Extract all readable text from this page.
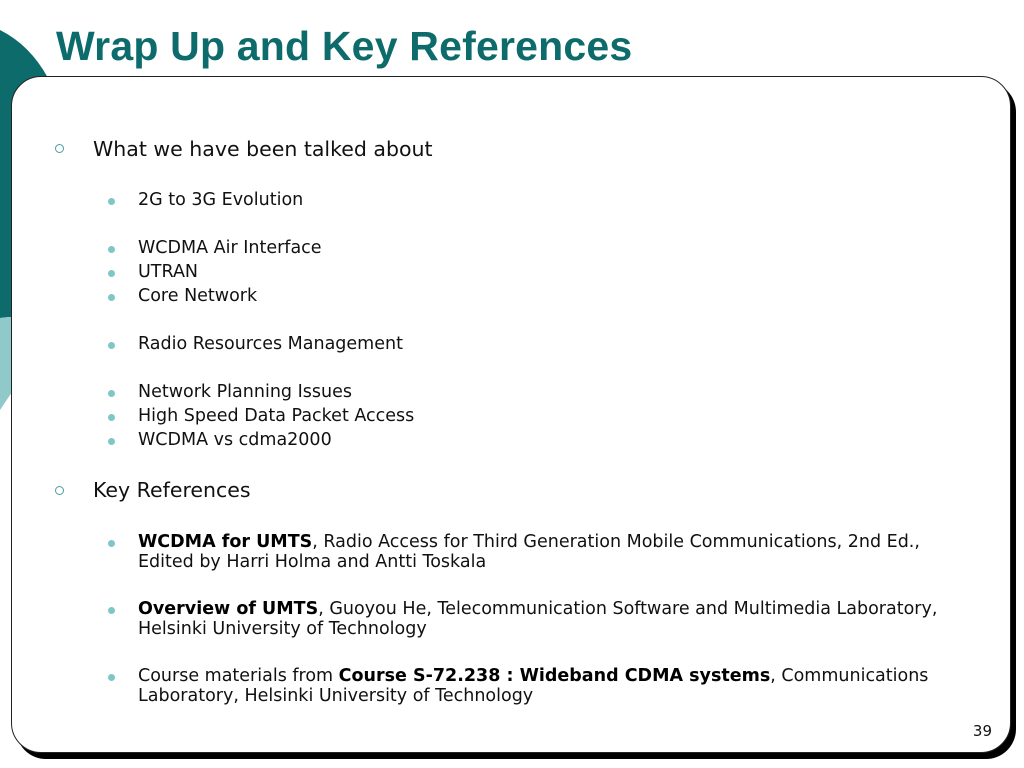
Wrap Up and Key References
What we have been talked about
2G to 3G Evolution
WCDMA Air Interface
UTRAN
Core Network
Radio Resources Management
Network Planning Issues
High Speed Data Packet Access
WCDMA vs cdma2000
Key References
WCDMA for UMTS, Radio Access for Third Generation Mobile Communications, 2nd Ed., Edited by Harri Holma and Antti Toskala
Overview of UMTS, Guoyou He, Telecommunication Software and Multimedia Laboratory, Helsinki University of Technology
Course materials from Course S-72.238 : Wideband CDMA systems, Communications Laboratory, Helsinki University of Technology
39
